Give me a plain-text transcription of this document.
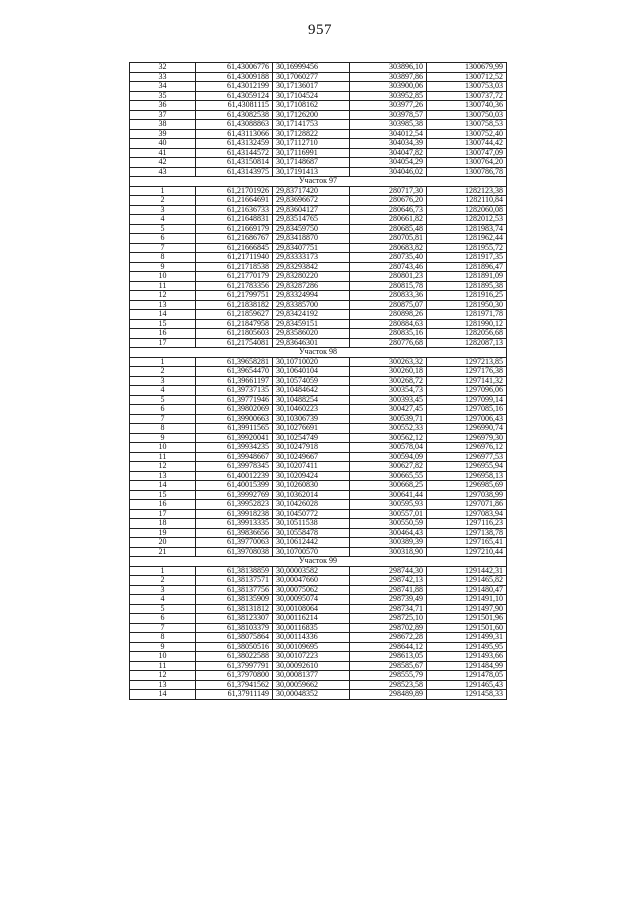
957
32	61,43006776	30,16999456	303896,10	1300679,99
33	61,43009188	30,17060277	303897,86	1300712,52
34	61,43012199	30,17136017	303900,06	1300753,03
35	61,43059124	30,17104524	303952,85	1300737,72
36	61,43081115	30,17108162	303977,26	1300740,36
37	61,43082538	30,17126200	303978,57	1300750,03
38	61,43088863	30,17141753	303985,38	1300758,53
39	61,43113066	30,17128822	304012,54	1300752,40
40	61,43132459	30,17112710	304034,39	1300744,42
41	61,43144572	30,17116991	304047,82	1300747,09
42	61,43150814	30,17148687	304054,29	1300764,20
43	61,43143975	30,17191413	304046,02	1300786,78
Участок 97				
1	61,21701926	29,83717420	280717,30	1282123,38
2	61,21664691	29,83696672	280676,20	1282110,84
3	61,21636733	29,83604127	280646,73	1282060,08
4	61,21648831	29,83514765	280661,82	1282012,53
5	61,21669179	29,83459750	280685,48	1281983,74
6	61,21686767	29,83418870	280705,81	1281962,44
7	61,21666845	29,83407751	280683,82	1281955,72
8	61,21711940	29,83333173	280735,40	1281917,35
9	61,21718538	29,83293842	280743,46	1281896,47
10	61,21770179	29,83280220	280801,23	1281891,09
11	61,21783356	29,83287286	280815,78	1281895,38
12	61,21799751	29,83324994	280833,36	1281916,25
13	61,21838182	29,83385700	280875,07	1281950,30
14	61,21859627	29,83424192	280898,26	1281971,78
15	61,21847958	29,83459151	280884,63	1281990,12
16	61,21805603	29,83586020	280835,16	1282056,68
17	61,21754081	29,83646301	280776,68	1282087,13
Участок 98				
1	61,39658281	30,10710020	300263,32	1297213,85
2	61,39654470	30,10640104	300260,18	1297176,38
3	61,39661197	30,10574059	300268,72	1297141,32
4	61,39737135	30,10484642	300354,73	1297096,06
5	61,39771946	30,10488254	300393,45	1297099,14
6	61,39802069	30,10460223	300427,45	1297085,16
7	61,39900663	30,10306739	300539,71	1297006,43
8	61,39911565	30,10276691	300552,33	1296990,74
9	61,39920041	30,10254749	300562,12	1296979,30
10	61,39934235	30,10247918	300578,04	1296976,12
11	61,39948667	30,10249667	300594,09	1296977,53
12	61,39978345	30,10207411	300627,82	1296955,94
13	61,40012239	30,10209424	300665,55	1296958,13
14	61,40015399	30,10260830	300668,25	1296985,69
15	61,39992769	30,10362014	300641,44	1297038,99
16	61,39952823	30,10426028	300595,93	1297071,86
17	61,39918238	30,10450772	300557,01	1297083,94
18	61,39913335	30,10511538	300550,59	1297116,23
19	61,39836656	30,10558478	300464,43	1297138,78
20	61,39770063	30,10612442	300389,39	1297165,41
21	61,39708038	30,10700570	300318,90	1297210,44
Участок 99				
1	61,38138859	30,00003582	298744,30	1291442,31
2	61,38137571	30,00047660	298742,13	1291465,82
3	61,38137756	30,00075062	298741,88	1291480,47
4	61,38135909	30,00095074	298739,49	1291491,10
5	61,38131812	30,00108064	298734,71	1291497,90
6	61,38123307	30,00116214	298725,10	1291501,96
7	61,38103379	30,00116835	298702,89	1291501,60
8	61,38075864	30,00114336	298672,28	1291499,31
9	61,38050516	30,00109695	298644,12	1291495,95
10	61,38022588	30,00107223	298613,05	1291493,66
11	61,37997791	30,00092610	298585,67	1291484,99
12	61,37970800	30,00081377	298555,79	1291478,05
13	61,37941562	30,00059662	298523,58	1291465,43
14	61,37911149	30,00048352	298489,89	1291458,33
